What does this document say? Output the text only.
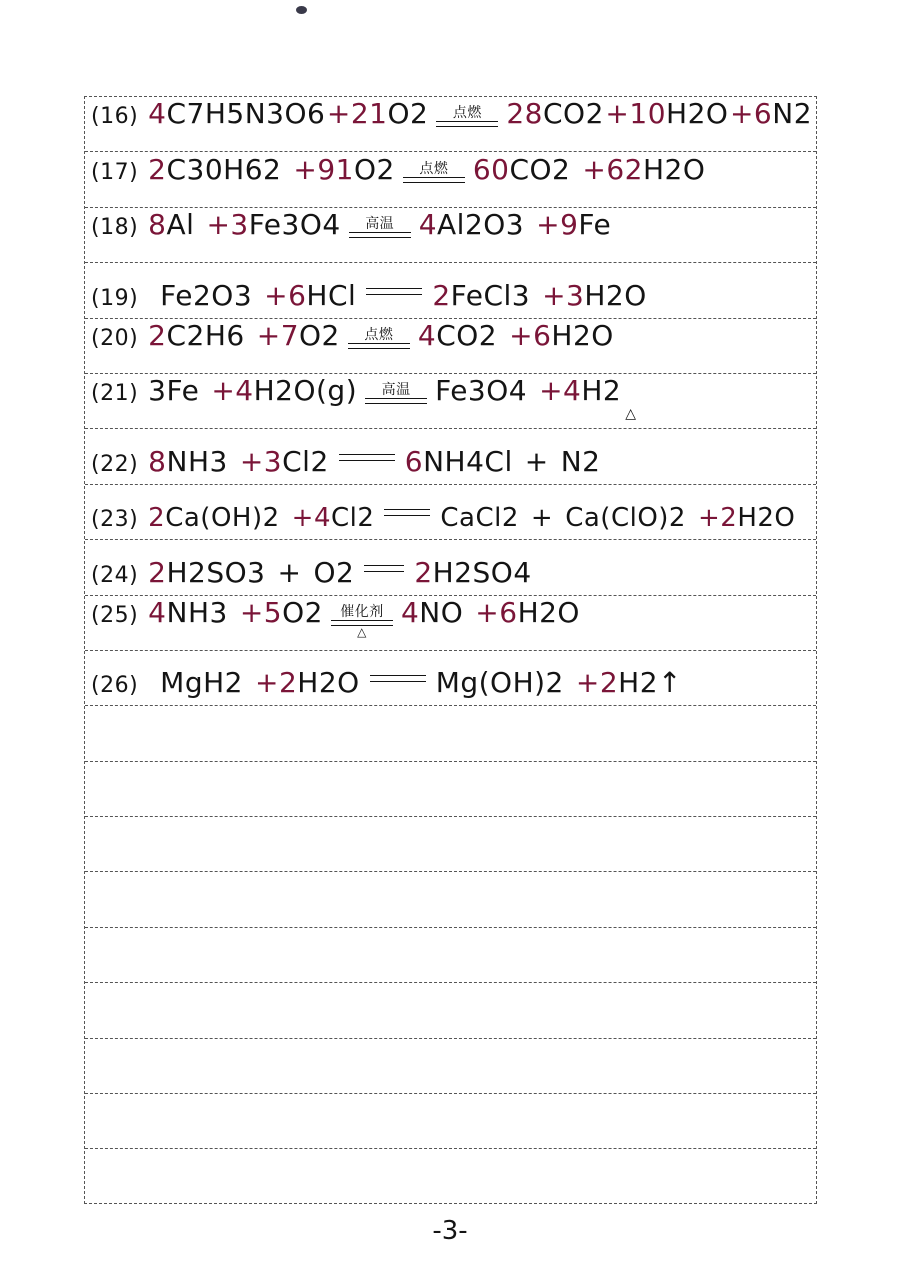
(16) 4 C7H5N3O6 +21 O2 点燃 28 CO2 +10 H2O +6 N2
(17) 2 C30H62 +91 O2 点燃 60 CO2 +62 H2O
(18) 8 Al +3 Fe3O4 高温 4 Al2O3 +9 Fe
(19) Fe2O3 +6 HCl	2 FeCl3 +3 H2O
(20) 2 C2H6 +7 O2 点燃 4 CO2 +6 H2O
(21) 3 Fe +4 H2O(g) 高温 Fe3O4 +4 H2
△
(22) 8 NH3 +3 Cl2	6 NH4Cl + N2
(23) 2 Ca(OH)2 +4 Cl2	CaCl2 + Ca(ClO)2 +2 H2O
(24) 2 H2SO3 + O2 2 H2SO4
(25) 4 NH3 +5 O2 催化剂
△
4 NO +6 H2O
(26) MgH2 +2 H2O	Mg(OH)2 +2 H2↑
-3-
